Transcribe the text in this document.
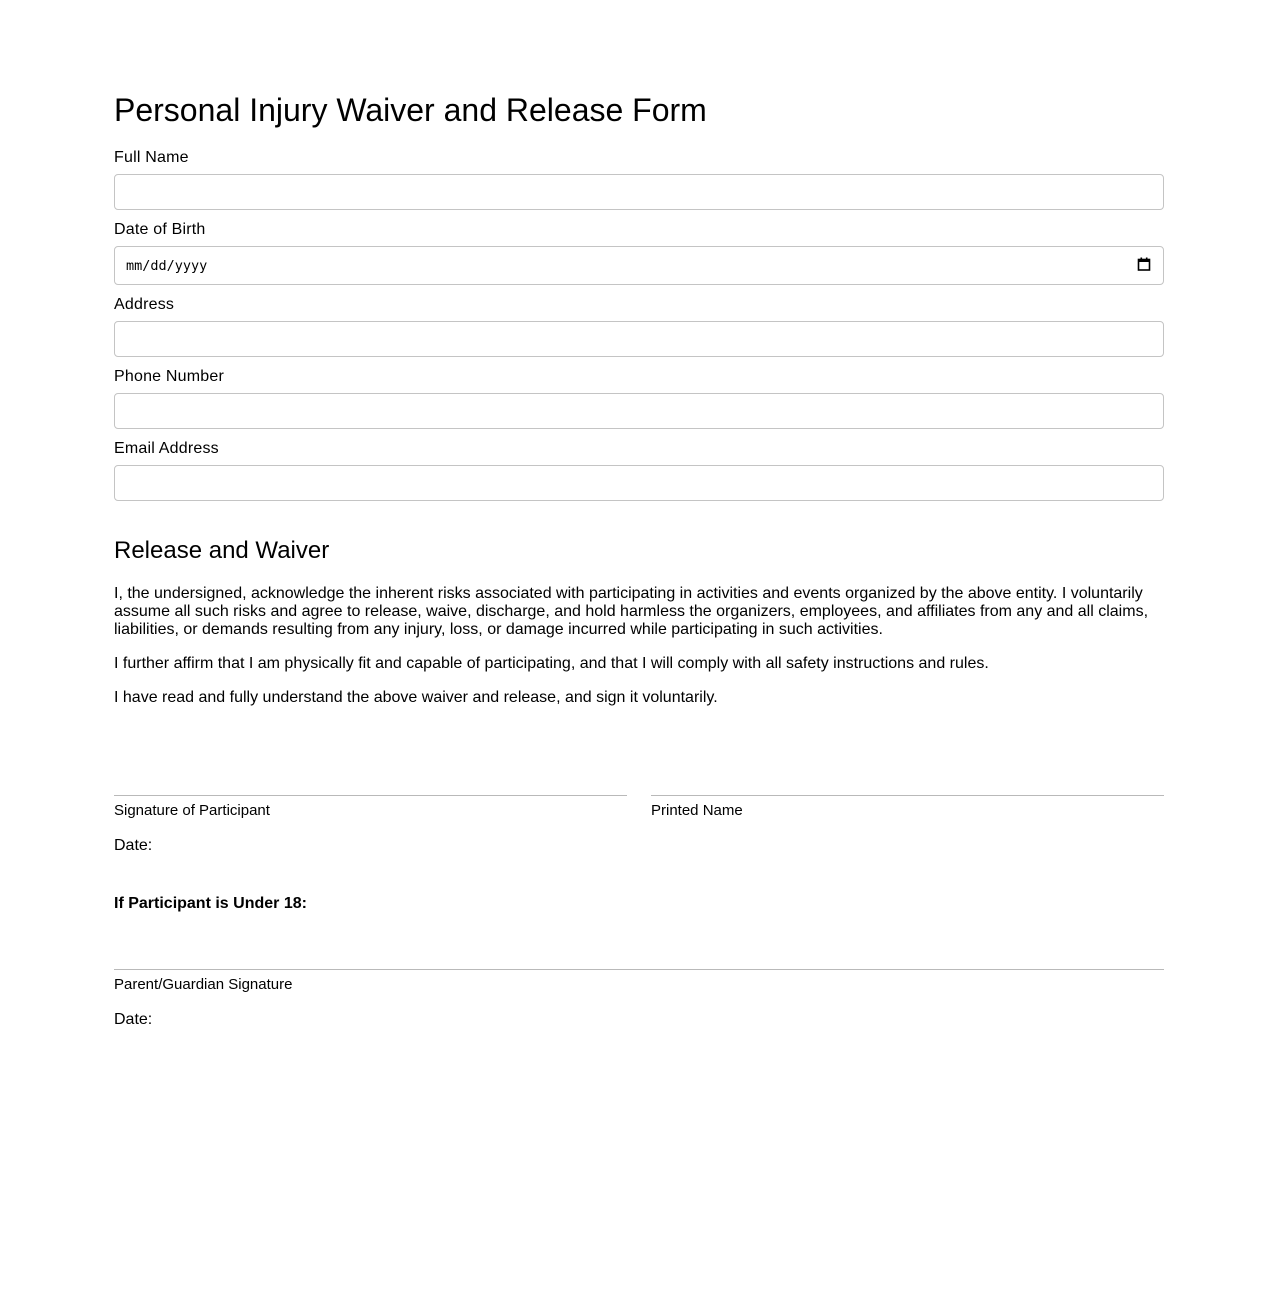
Personal Injury Waiver and Release Form
Full Name
Date of Birth
mm/dd/yyyy
Address
Phone Number
Email Address
Release and Waiver

I, the undersigned, acknowledge the inherent risks associated with participating in activities and events organized by the above entity. I voluntarily assume all such risks and agree to release, waive, discharge, and hold harmless the organizers, employees, and affiliates from any and all claims, liabilities, or demands resulting from any injury, loss, or damage incurred while participating in such activities.

I further affirm that I am physically fit and capable of participating, and that I will comply with all safety instructions and rules.

I have read and fully understand the above waiver and release, and sign it voluntarily.

Signature of Participant	Printed Name
Date:
If Participant is Under 18:
Parent/Guardian Signature
Date:
